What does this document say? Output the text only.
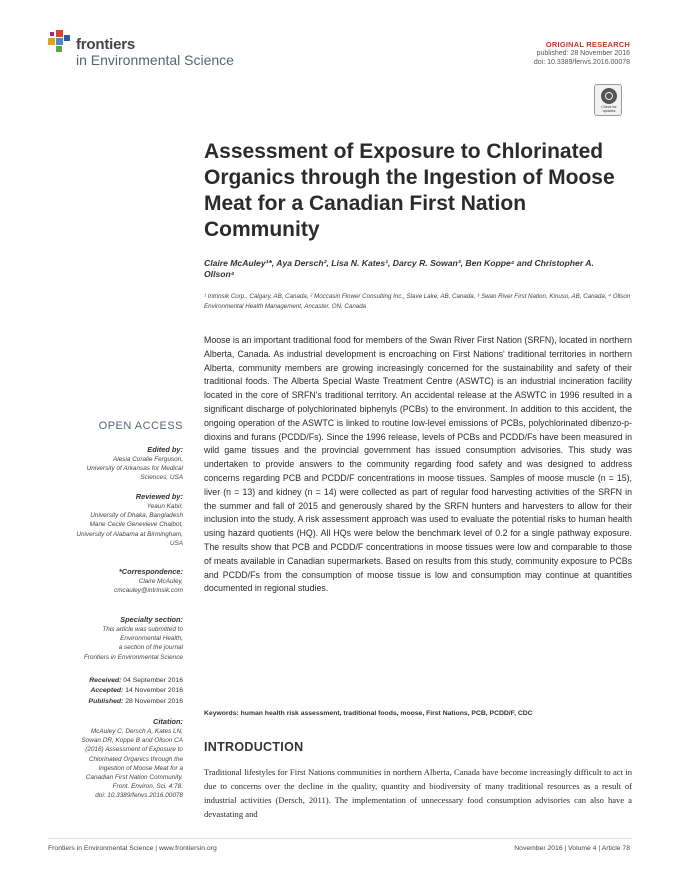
frontiers
in Environmental Science
ORIGINAL RESEARCH
published: 28 November 2016
doi: 10.3389/fenvs.2016.00078
Check for updates
Assessment of Exposure to Chlorinated Organics through the Ingestion of Moose Meat for a Canadian First Nation Community
Claire McAuley¹*, Aya Dersch², Lisa N. Kates¹, Darcy R. Sowan³, Ben Koppe⁴ and Christopher A. Ollson⁴
¹ Intrinsik Corp., Calgary, AB, Canada, ² Moccasin Flower Consulting Inc., Slave Lake, AB, Canada, ³ Swan River First Nation, Kinuso, AB, Canada, ⁴ Ollson Environmental Health Management, Ancaster, ON, Canada

Moose is an important traditional food for members of the Swan River First Nation (SRFN), located in northern Alberta, Canada. As industrial development is encroaching on First Nations' traditional territories in northern Alberta, community members are growing increasingly concerned for the sustainability and safety of their traditional foods. The Alberta Special Waste Treatment Centre (ASWTC) is an industrial incineration facility located in the core of SRFN's traditional territory. An accidental release at the ASWTC in 1996 resulted in a significant discharge of polychlorinated biphenyls (PCBs) to the environment. In addition to this accident, the ongoing operation of the ASWTC is linked to routine low-level emissions of PCBs, polychlorinated dibenzo-p-dioxins and furans (PCDD/Fs). Since the 1996 release, levels of PCBs and PCDD/Fs have been measured in wild game tissues and the provincial government has issued consumption advisories. This study was undertaken to provide answers to the community regarding food safety and was designed to address concerns regarding PCB and PCDD/F concentrations in moose tissues. Samples of moose muscle (n = 15), liver (n = 13) and kidney (n = 14) were collected as part of regular food harvesting activities of the SRFN in the summer and fall of 2015 and generously shared by the SRFN hunters and harvesters to allow for their inclusion into the study. A risk assessment approach was used to evaluate the potential risks to human health using hazard quotients (HQ). All HQs were below the benchmark level of 0.2 for a single pathway exposure. The results show that PCB and PCDD/F concentrations in moose tissues were low and comparable to those of meats available in Canadian supermarkets. Based on results from this study, community exposure to PCBs and PCDD/Fs from the consumption of moose tissue is low and consumption may continue at quantities documented in regional studies.

Keywords: human health risk assessment, traditional foods, moose, First Nations, PCB, PCDD/F, CDC
INTRODUCTION

Traditional lifestyles for First Nations communities in northern Alberta, Canada have become increasingly difficult to act in due to concerns over the decline in the quality, quantity and biodiversity of many traditional resources as a result of industrial activities (Dersch, 2011). The implementation of unnecessary food consumption advisories can also have a devastating and

OPEN ACCESS
Edited by:
Alesia Coralie Ferguson,
University of Arkansas for Medical
Sciences, USA
Reviewed by:
Yeaun Kabir,
University of Dhaka, Bangladesh
Marie Cecile Genevieve Chalbot,
University of Alabama at Birmingham,
USA
*Correspondence:
Claire McAuley,
cmcauley@intrinsik.com
Specialty section:
This article was submitted to
Environmental Health,
a section of the journal
Frontiers in Environmental Science
Received: 04 September 2016
Accepted: 14 November 2016
Published: 28 November 2016
Citation:
McAuley C, Dersch A, Kates LN,
Sowan DR, Koppe B and Ollson CA
(2016) Assessment of Exposure to
Chlorinated Organics through the
Ingestion of Moose Meat for a
Canadian First Nation Community.
Front. Environ. Sci. 4:78.
doi: 10.3389/fenvs.2016.00078
Frontiers in Environmental Science | www.frontiersin.org	November 2016 | Volume 4 | Article 78
